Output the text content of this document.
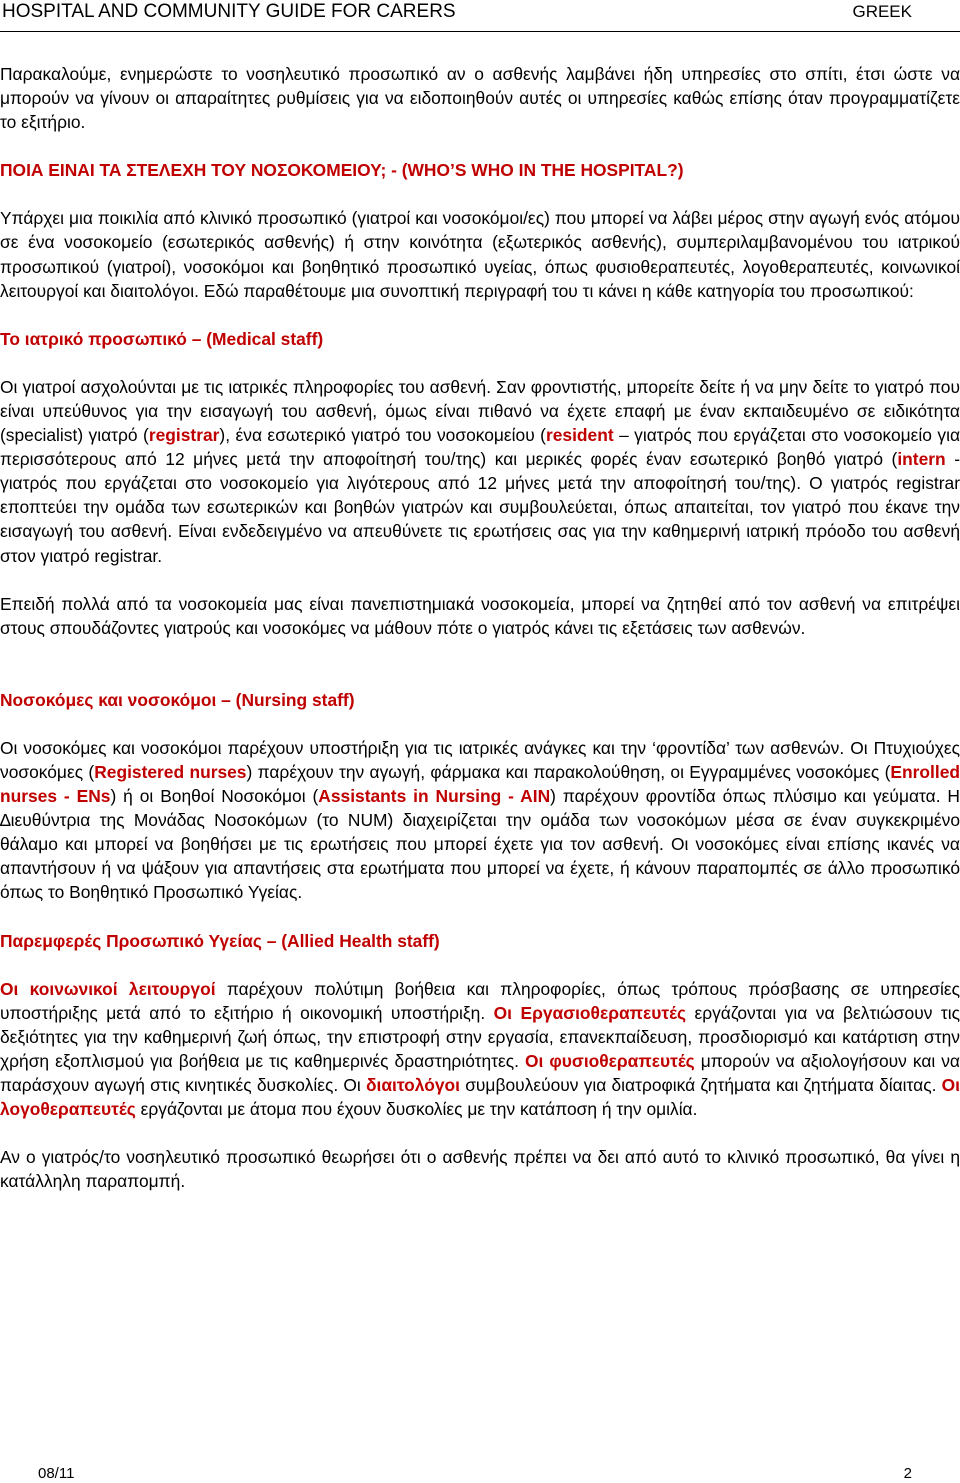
HOSPITAL AND COMMUNITY GUIDE FOR CARERS	GREEK

Παρακαλούμε, ενημερώστε το νοσηλευτικό προσωπικό αν ο ασθενής λαμβάνει ήδη υπηρεσίες στο σπίτι, έτσι ώστε να μπορούν να γίνουν οι απαραίτητες ρυθμίσεις για να ειδοποιηθούν αυτές οι υπηρεσίες καθώς επίσης όταν προγραμματίζετε το εξιτήριο.

ΠΟΙΑ ΕΙΝΑΙ ΤΑ ΣΤΕΛΕΧΗ ΤΟΥ ΝΟΣΟΚΟΜΕΙΟΥ; - (WHO’S WHO IN THE HOSPITAL?)

Υπάρχει μια ποικιλία από κλινικό προσωπικό (γιατροί και νοσοκόμοι/ες) που μπορεί να λάβει μέρος στην αγωγή ενός ατόμου σε ένα νοσοκομείο (εσωτερικός ασθενής) ή στην κοινότητα (εξωτερικός ασθενής), συμπεριλαμβανομένου του ιατρικού προσωπικού (γιατροί), νοσοκόμοι και βοηθητικό προσωπικό υγείας, όπως φυσιοθεραπευτές, λογοθεραπευτές, κοινωνικοί λειτουργοί και διαιτολόγοι. Εδώ παραθέτουμε μια συνοπτική περιγραφή του τι κάνει η κάθε κατηγορία του προσωπικού:

Το ιατρικό προσωπικό – (Medical staff)

Οι γιατροί ασχολούνται με τις ιατρικές πληροφορίες του ασθενή. Σαν φροντιστής, μπορείτε δείτε ή να μην δείτε το γιατρό που είναι υπεύθυνος για την εισαγωγή του ασθενή, όμως είναι πιθανό να έχετε επαφή με έναν εκπαιδευμένο σε ειδικότητα (specialist) γιατρό (registrar), ένα εσωτερικό γιατρό του νοσοκομείου (resident – γιατρός που εργάζεται στο νοσοκομείο για περισσότερους από 12 μήνες μετά την αποφοίτησή του/της) και μερικές φορές έναν εσωτερικό βοηθό γιατρό (intern - γιατρός που εργάζεται στο νοσοκομείο για λιγότερους από 12 μήνες μετά την αποφοίτησή του/της). Ο γιατρός registrar εποπτεύει την ομάδα των εσωτερικών και βοηθών γιατρών και συμβουλεύεται, όπως απαιτείται, τον γιατρό που έκανε την εισαγωγή του ασθενή. Είναι ενδεδειγμένο να απευθύνετε τις ερωτήσεις σας για την καθημερινή ιατρική πρόοδο του ασθενή στον γιατρό registrar.

Επειδή πολλά από τα νοσοκομεία μας είναι πανεπιστημιακά νοσοκομεία, μπορεί να ζητηθεί από τον ασθενή να επιτρέψει στους σπουδάζοντες γιατρούς και νοσοκόμες να μάθουν πότε ο γιατρός κάνει τις εξετάσεις των ασθενών.

Νοσοκόμες και νοσοκόμοι – (Nursing staff)

Οι νοσοκόμες και νοσοκόμοι παρέχουν υποστήριξη για τις ιατρικές ανάγκες και την ‘φροντίδα’ των ασθενών. Οι Πτυχιούχες νοσοκόμες (Registered nurses) παρέχουν την αγωγή, φάρμακα και παρακολούθηση, οι Εγγραμμένες νοσοκόμες (Enrolled nurses - ENs) ή οι Βοηθοί Νοσοκόμοι (Assistants in Nursing - AIN) παρέχουν φροντίδα όπως πλύσιμο και γεύματα. Η ∆ιευθύντρια της Μονάδας Νοσοκόμων (το NUM) διαχειρίζεται την ομάδα των νοσοκόμων μέσα σε έναν συγκεκριμένο θάλαμο και μπορεί να βοηθήσει με τις ερωτήσεις που μπορεί έχετε για τον ασθενή. Οι νοσοκόμες είναι επίσης ικανές να απαντήσουν ή να ψάξουν για απαντήσεις στα ερωτήματα που μπορεί να έχετε, ή κάνουν παραπομπές σε άλλο προσωπικό όπως το Βοηθητικό Προσωπικό Υγείας.

Παρεμφερές Προσωπικό Υγείας – (Allied Health staff)

Οι κοινωνικοί λειτουργοί παρέχουν πολύτιμη βοήθεια και πληροφορίες, όπως τρόπους πρόσβασης σε υπηρεσίες υποστήριξης μετά από το εξιτήριο ή οικονομική υποστήριξη. Οι Εργασιοθεραπευτές εργάζονται για να βελτιώσουν τις δεξιότητες για την καθημερινή ζωή όπως, την επιστροφή στην εργασία, επανεκπαίδευση, προσδιορισμό και κατάρτιση στην χρήση εξοπλισμού για βοήθεια με τις καθημερινές δραστηριότητες. Οι φυσιοθεραπευτές μπορούν να αξιολογήσουν και να παράσχουν αγωγή στις κινητικές δυσκολίες. Οι διαιτολόγοι συμβουλεύουν για διατροφικά ζητήματα και ζητήματα δίαιτας. Οι λογοθεραπευτές εργάζονται με άτομα που έχουν δυσκολίες με την κατάποση ή την ομιλία.

Αν ο γιατρός/το νοσηλευτικό προσωπικό θεωρήσει ότι ο ασθενής πρέπει να δει από αυτό το κλινικό προσωπικό, θα γίνει η κατάλληλη παραπομπή.

08/11	2
